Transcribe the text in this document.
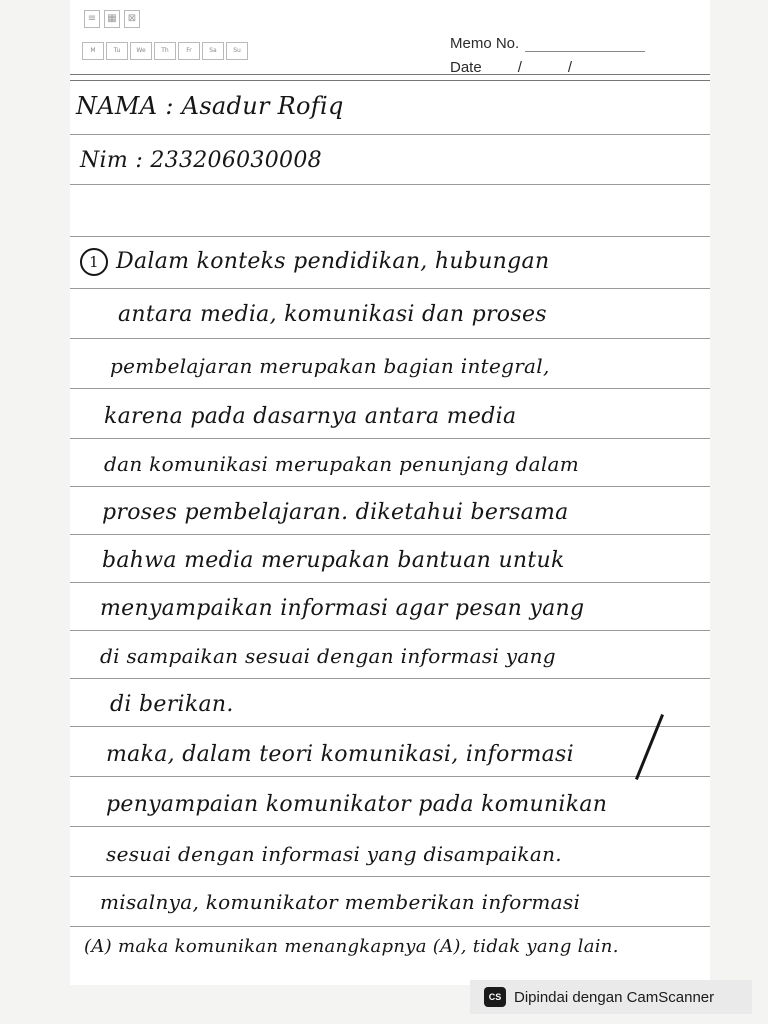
≡	▦	⊠
M	Tu	We	Th	Fr	Sa	Su	Memo No.
Date /	/
NAMA : Asadur Rofiq
Nim : 233206030008
1 Dalam konteks pendidikan, hubungan
antara media, komunikasi dan proses
pembelajaran merupakan bagian integral,
karena pada dasarnya antara media
dan komunikasi merupakan penunjang dalam
proses pembelajaran. diketahui bersama
bahwa media merupakan bantuan untuk
menyampaikan informasi agar pesan yang
di sampaikan sesuai dengan informasi yang
di berikan.
maka, dalam teori komunikasi, informasi
penyampaian komunikator pada komunikan
sesuai dengan informasi yang disampaikan.
misalnya, komunikator memberikan informasi
(A) maka komunikan menangkapnya (A), tidak yang lain.
CS Dipindai dengan CamScanner
